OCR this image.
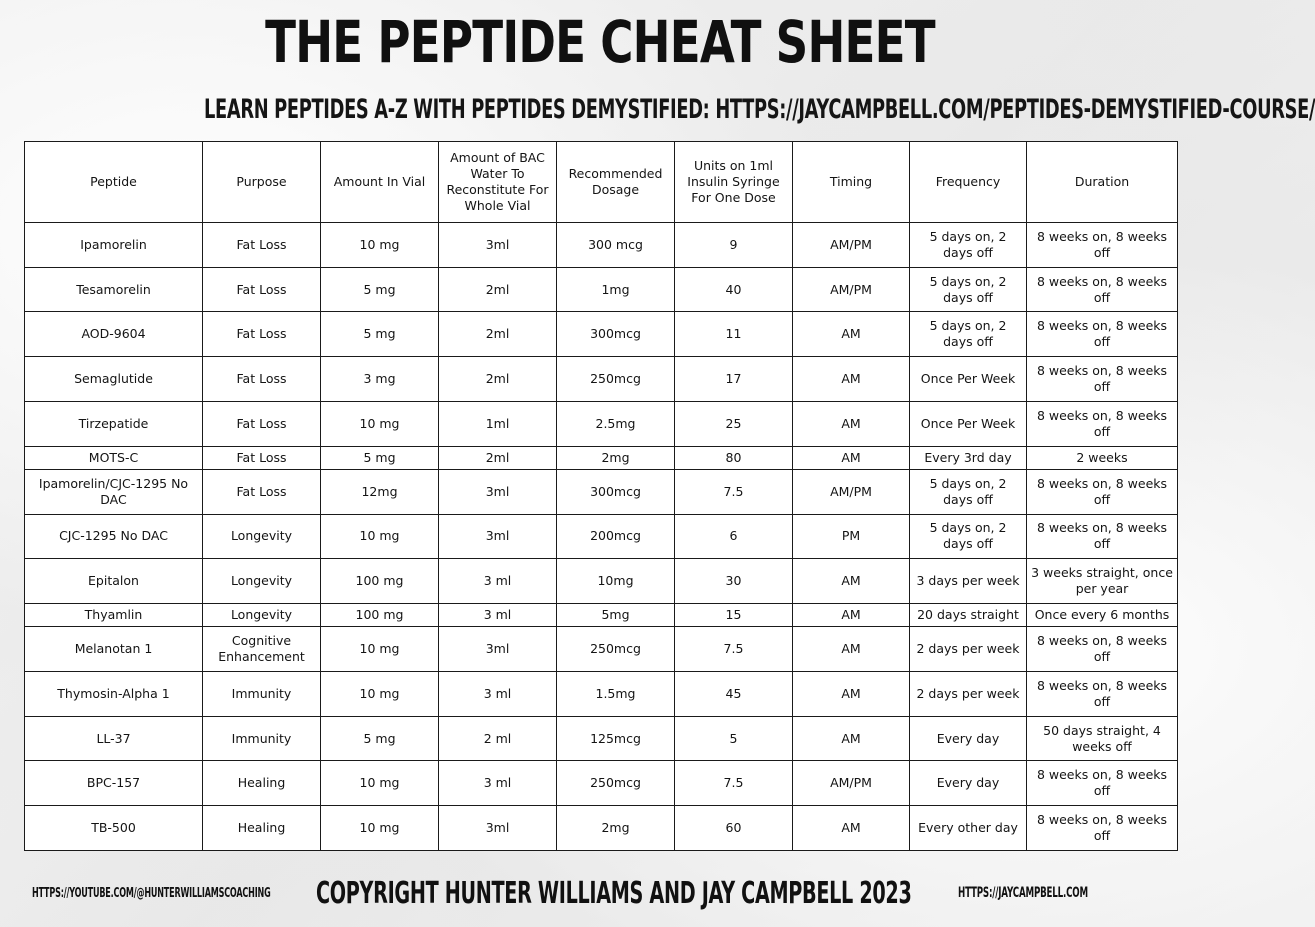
THE PEPTIDE CHEAT SHEET
LEARN PEPTIDES A-Z WITH PEPTIDES DEMYSTIFIED: HTTPS://JAYCAMPBELL.COM/PEPTIDES-DEMYSTIFIED-COURSE/
Peptide	Purpose	Amount In Vial	Amount of BAC Water To Reconstitute For Whole Vial	Recommended Dosage	Units on 1ml Insulin Syringe For One Dose	Timing	Frequency	Duration
Ipamorelin	Fat Loss	10 mg	3ml	300 mcg	9	AM/PM	5 days on, 2 days off	8 weeks on, 8 weeks off
Tesamorelin	Fat Loss	5 mg	2ml	1mg	40	AM/PM	5 days on, 2 days off	8 weeks on, 8 weeks off
AOD-9604	Fat Loss	5 mg	2ml	300mcg	11	AM	5 days on, 2 days off	8 weeks on, 8 weeks off
Semaglutide	Fat Loss	3 mg	2ml	250mcg	17	AM	Once Per Week	8 weeks on, 8 weeks off
Tirzepatide	Fat Loss	10 mg	1ml	2.5mg	25	AM	Once Per Week	8 weeks on, 8 weeks off
MOTS-C	Fat Loss	5 mg	2ml	2mg	80	AM	Every 3rd day	2 weeks
Ipamorelin/CJC-1295 No DAC	Fat Loss	12mg	3ml	300mcg	7.5	AM/PM	5 days on, 2 days off	8 weeks on, 8 weeks off
CJC-1295 No DAC	Longevity	10 mg	3ml	200mcg	6	PM	5 days on, 2 days off	8 weeks on, 8 weeks off
Epitalon	Longevity	100 mg	3 ml	10mg	30	AM	3 days per week	3 weeks straight, once per year
Thyamlin	Longevity	100 mg	3 ml	5mg	15	AM	20 days straight	Once every 6 months
Melanotan 1	Cognitive Enhancement	10 mg	3ml	250mcg	7.5	AM	2 days per week	8 weeks on, 8 weeks off
Thymosin-Alpha 1	Immunity	10 mg	3 ml	1.5mg	45	AM	2 days per week	8 weeks on, 8 weeks off
LL-37	Immunity	5 mg	2 ml	125mcg	5	AM	Every day	50 days straight, 4 weeks off
BPC-157	Healing	10 mg	3 ml	250mcg	7.5	AM/PM	Every day	8 weeks on, 8 weeks off
TB-500	Healing	10 mg	3ml	2mg	60	AM	Every other day	8 weeks on, 8 weeks off
HTTPS://YOUTUBE.COM/@HUNTERWILLIAMSCOACHING COPYRIGHT HUNTER WILLIAMS AND JAY CAMPBELL 2023	HTTPS://JAYCAMPBELL.COM
